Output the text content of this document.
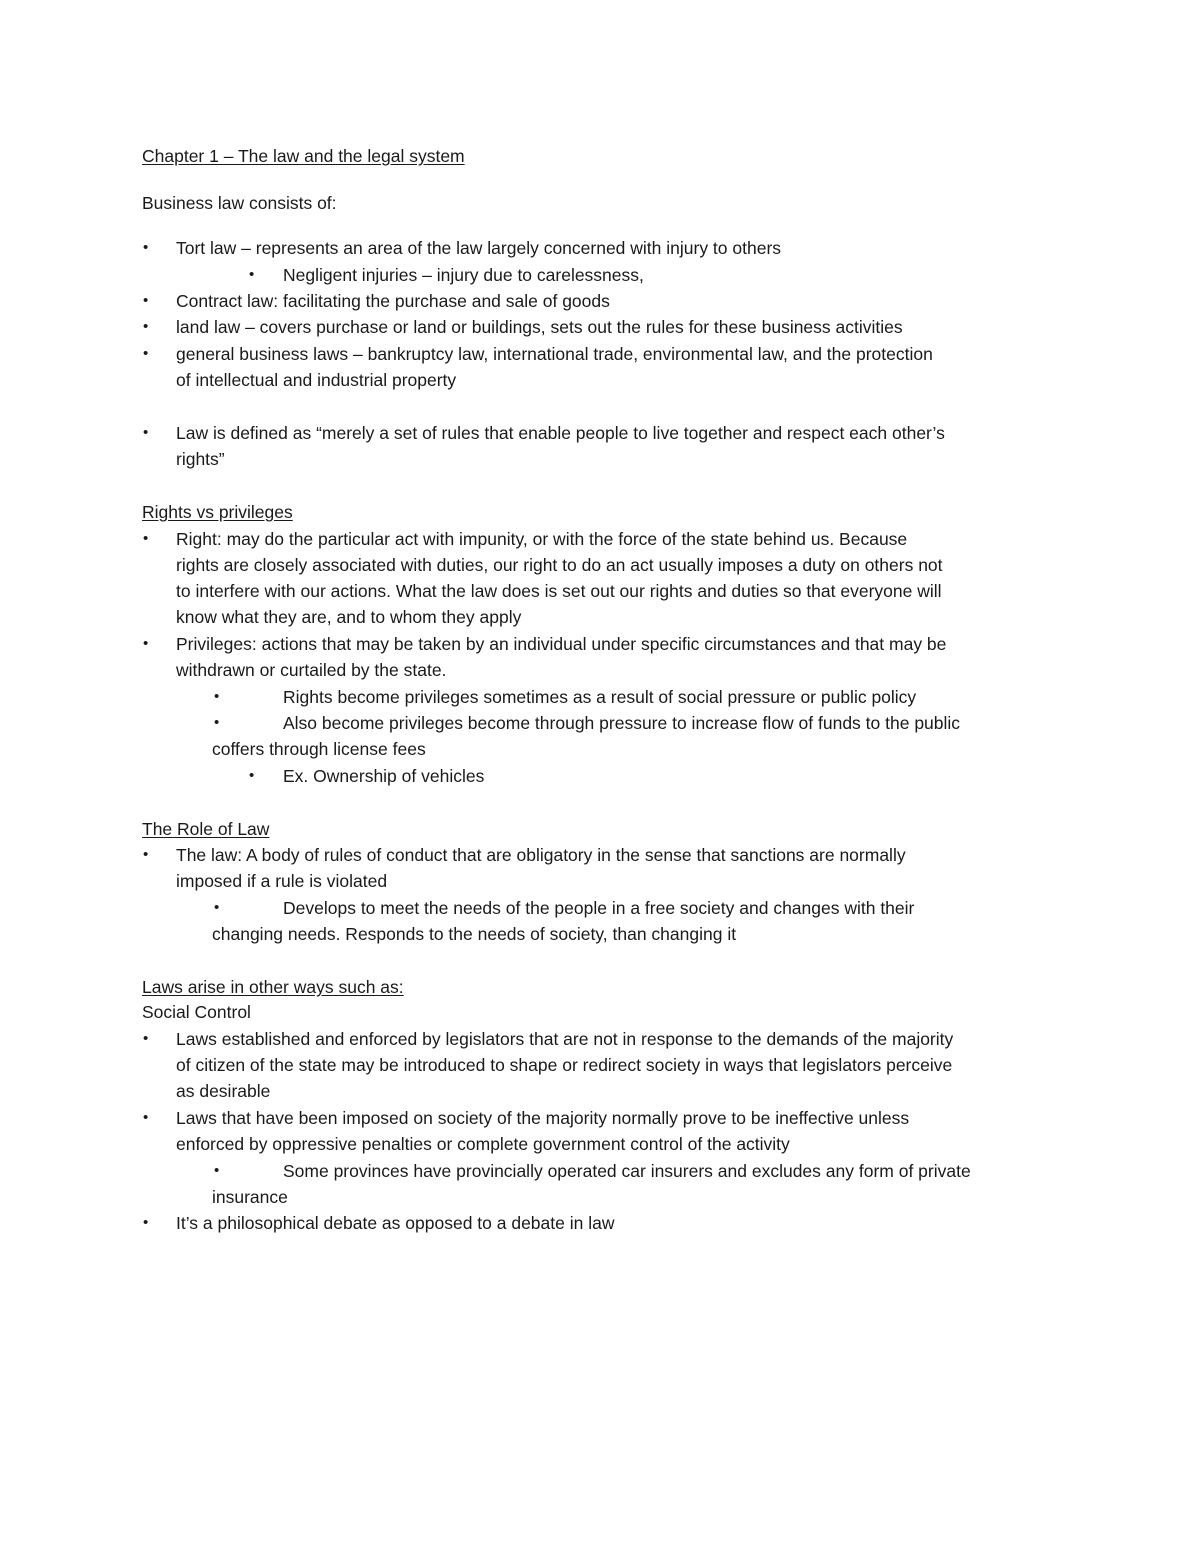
Chapter 1 – The law and the legal system
Business law consists of:
• Tort law – represents an area of the law largely concerned with injury to others
• Negligent injuries – injury due to carelessness,
• Contract law: facilitating the purchase and sale of goods
• land law – covers purchase or land or buildings, sets out the rules for these business activities
• general business laws – bankruptcy law, international trade, environmental law, and the protection
of intellectual and industrial property
• Law is defined as “merely a set of rules that enable people to live together and respect each other’s
rights”
Rights vs privileges
• Right: may do the particular act with impunity, or with the force of the state behind us. Because
rights are closely associated with duties, our right to do an act usually imposes a duty on others not
to interfere with our actions. What the law does is set out our rights and duties so that everyone will
know what they are, and to whom they apply
• Privileges: actions that may be taken by an individual under specific circumstances and that may be
withdrawn or curtailed by the state.
•	Rights become privileges sometimes as a result of social pressure or public policy
•	Also become privileges become through pressure to increase flow of funds to the public
coffers through license fees
• Ex. Ownership of vehicles
The Role of Law
• The law: A body of rules of conduct that are obligatory in the sense that sanctions are normally
imposed if a rule is violated
•	Develops to meet the needs of the people in a free society and changes with their
changing needs. Responds to the needs of society, than changing it
Laws arise in other ways such as:
Social Control
• Laws established and enforced by legislators that are not in response to the demands of the majority
of citizen of the state may be introduced to shape or redirect society in ways that legislators perceive
as desirable
• Laws that have been imposed on society of the majority normally prove to be ineffective unless
enforced by oppressive penalties or complete government control of the activity
•	Some provinces have provincially operated car insurers and excludes any form of private
insurance
• It’s a philosophical debate as opposed to a debate in law
